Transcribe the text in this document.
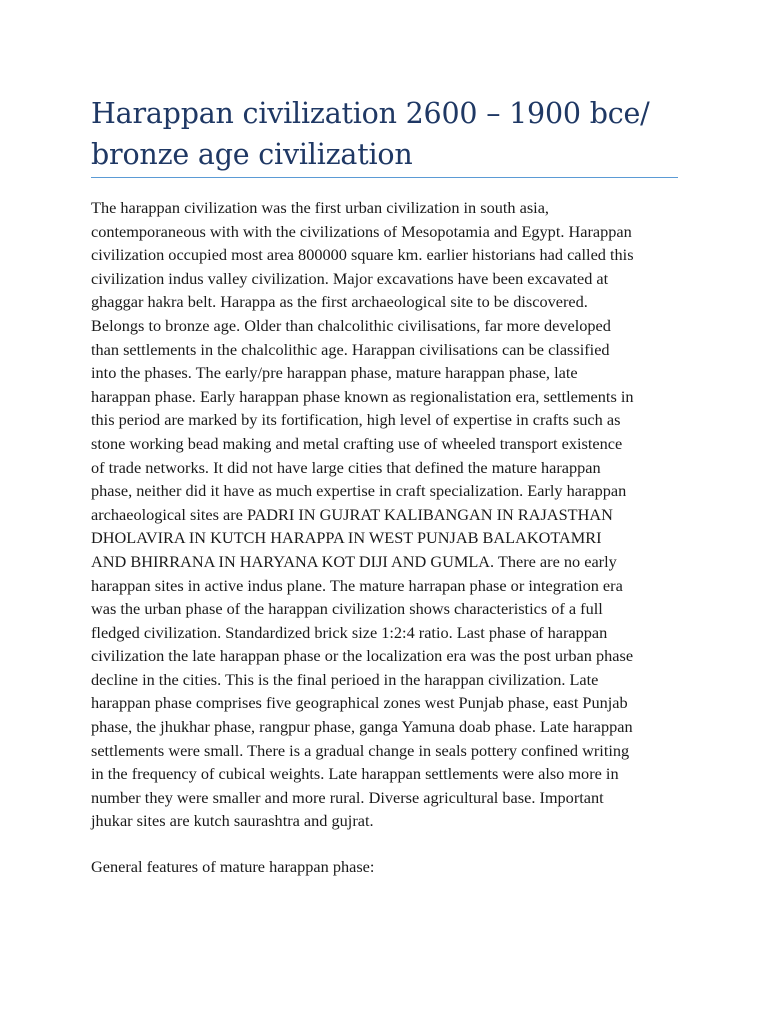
Harappan civilization 2600 – 1900 bce/
bronze age civilization

The harappan civilization was the first urban civilization in south asia,
contemporaneous with with the civilizations of Mesopotamia and Egypt. Harappan
civilization occupied most area 800000 square km. earlier historians had called this
civilization indus valley civilization. Major excavations have been excavated at
ghaggar hakra belt. Harappa as the first archaeological site to be discovered.
Belongs to bronze age. Older than chalcolithic civilisations, far more developed
than settlements in the chalcolithic age. Harappan civilisations can be classified
into the phases. The early/pre harappan phase, mature harappan phase, late
harappan phase. Early harappan phase known as regionalistation era, settlements in
this period are marked by its fortification, high level of expertise in crafts such as
stone working bead making and metal crafting use of wheeled transport existence
of trade networks. It did not have large cities that defined the mature harappan
phase, neither did it have as much expertise in craft specialization. Early harappan
archaeological sites are PADRI IN GUJRAT KALIBANGAN IN RAJASTHAN
DHOLAVIRA IN KUTCH HARAPPA IN WEST PUNJAB BALAKOTAMRI
AND BHIRRANA IN HARYANA KOT DIJI AND GUMLA. There are no early
harappan sites in active indus plane. The mature harrapan phase or integration era
was the urban phase of the harappan civilization shows characteristics of a full
fledged civilization. Standardized brick size 1:2:4 ratio. Last phase of harappan
civilization the late harappan phase or the localization era was the post urban phase
decline in the cities. This is the final perioed in the harappan civilization. Late
harappan phase comprises five geographical zones west Punjab phase, east Punjab
phase, the jhukhar phase, rangpur phase, ganga Yamuna doab phase. Late harappan
settlements were small. There is a gradual change in seals pottery confined writing
in the frequency of cubical weights. Late harappan settlements were also more in
number they were smaller and more rural. Diverse agricultural base. Important
jhukar sites are kutch saurashtra and gujrat.

General features of mature harappan phase:
